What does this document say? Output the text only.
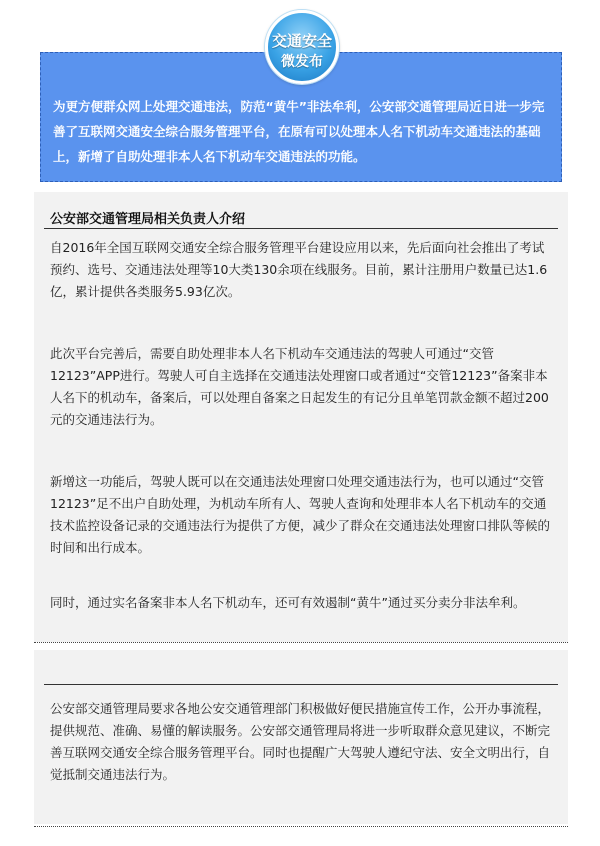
交通安全
微发布
为更方便群众网上处理交通违法，防范“黄牛”非法牟利，公安部交通管理局近日进一步完善了互联网交通安全综合服务管理平台，在原有可以处理本人名下机动车交通违法的基础上，新增了自助处理非本人名下机动车交通违法的功能。
公安部交通管理局相关负责人介绍

自2016年全国互联网交通安全综合服务管理平台建设应用以来，先后面向社会推出了考试预约、选号、交通违法处理等10大类130余项在线服务。目前，累计注册用户数量已达1.6亿，累计提供各类服务5.93亿次。

此次平台完善后，需要自助处理非本人名下机动车交通违法的驾驶人可通过“交管12123”APP进行。驾驶人可自主选择在交通违法处理窗口或者通过“交管12123”备案非本人名下的机动车，备案后，可以处理自备案之日起发生的有记分且单笔罚款金额不超过200元的交通违法行为。

新增这一功能后，驾驶人既可以在交通违法处理窗口处理交通违法行为，也可以通过“交管12123”足不出户自助处理，为机动车所有人、驾驶人查询和处理非本人名下机动车的交通技术监控设备记录的交通违法行为提供了方便，减少了群众在交通违法处理窗口排队等候的时间和出行成本。

同时，通过实名备案非本人名下机动车，还可有效遏制“黄牛”通过买分卖分非法牟利。

公安部交通管理局要求各地公安交通管理部门积极做好便民措施宣传工作，公开办事流程，提供规范、准确、易懂的解读服务。公安部交通管理局将进一步听取群众意见建议，不断完善互联网交通安全综合服务管理平台。同时也提醒广大驾驶人遵纪守法、安全文明出行，自觉抵制交通违法行为。
